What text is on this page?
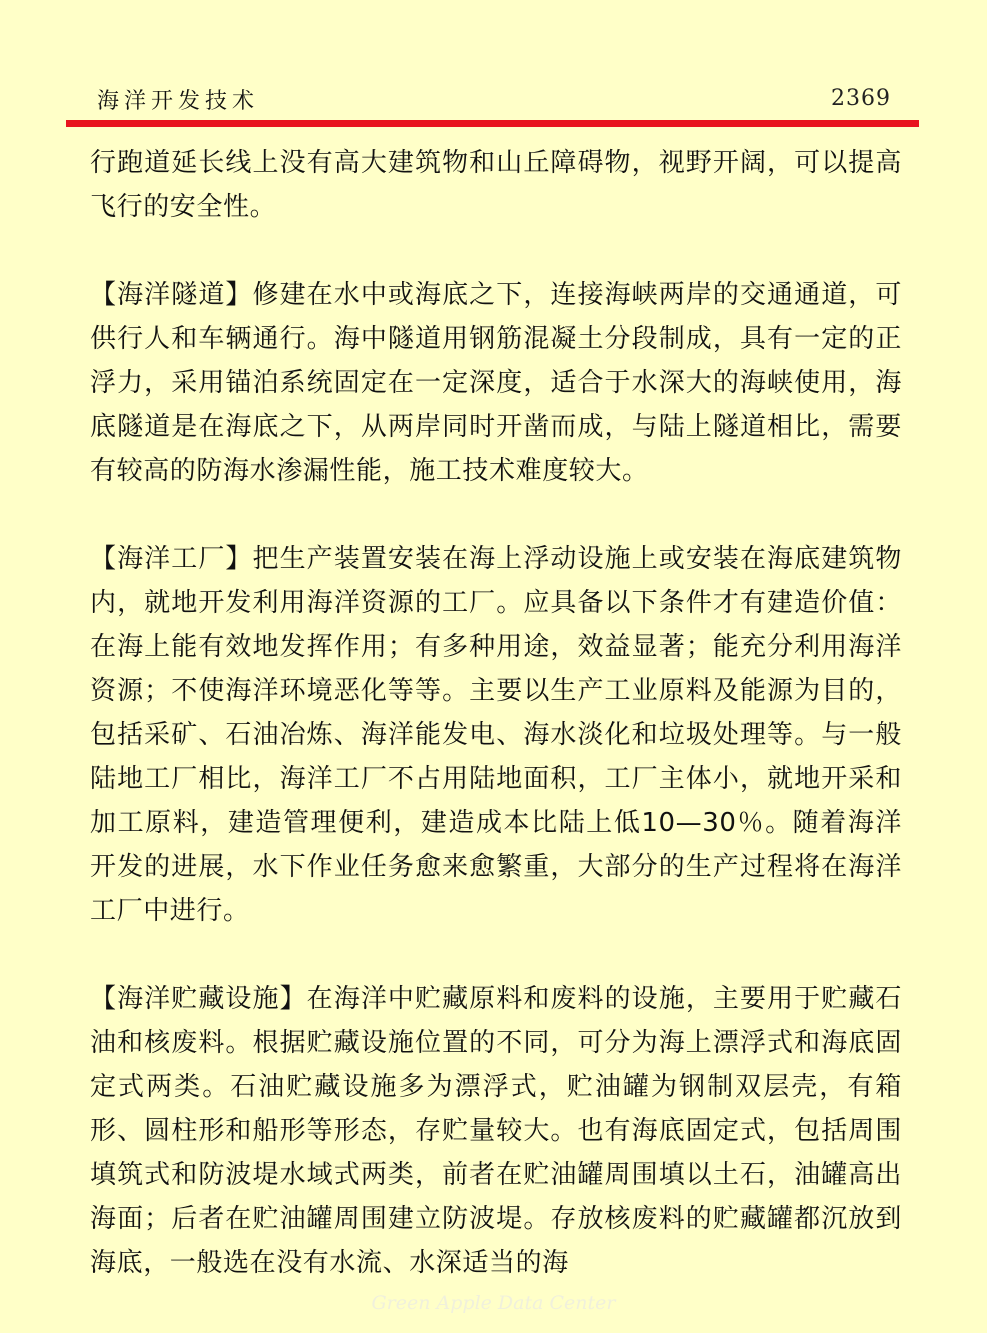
海洋开发技术	2369

行跑道延长线上没有高大建筑物和山丘障碍物，视野开阔，可以提高飞行的安全性。

【海洋隧道】修建在水中或海底之下，连接海峡两岸的交通通道，可供行人和车辆通行。海中隧道用钢筋混凝土分段制成，具有一定的正浮力，采用锚泊系统固定在一定深度，适合于水深大的海峡使用，海底隧道是在海底之下，从两岸同时开凿而成，与陆上隧道相比，需要有较高的防海水渗漏性能，施工技术难度较大。

【海洋工厂】把生产装置安装在海上浮动设施上或安装在海底建筑物内，就地开发利用海洋资源的工厂。应具备以下条件才有建造价值：在海上能有效地发挥作用；有多种用途，效益显著；能充分利用海洋资源；不使海洋环境恶化等等。主要以生产工业原料及能源为目的，包括采矿、石油冶炼、海洋能发电、海水淡化和垃圾处理等。与一般陆地工厂相比，海洋工厂不占用陆地面积，工厂主体小，就地开采和加工原料，建造管理便利，建造成本比陆上低10—30％。随着海洋开发的进展，水下作业任务愈来愈繁重，大部分的生产过程将在海洋工厂中进行。

【海洋贮藏设施】在海洋中贮藏原料和废料的设施，主要用于贮藏石油和核废料。根据贮藏设施位置的不同，可分为海上漂浮式和海底固定式两类。石油贮藏设施多为漂浮式，贮油罐为钢制双层壳，有箱形、圆柱形和船形等形态，存贮量较大。也有海底固定式，包括周围填筑式和防波堤水域式两类，前者在贮油罐周围填以土石，油罐高出海面；后者在贮油罐周围建立防波堤。存放核废料的贮藏罐都沉放到海底，一般选在没有水流、水深适当的海

Green Apple Data Center
